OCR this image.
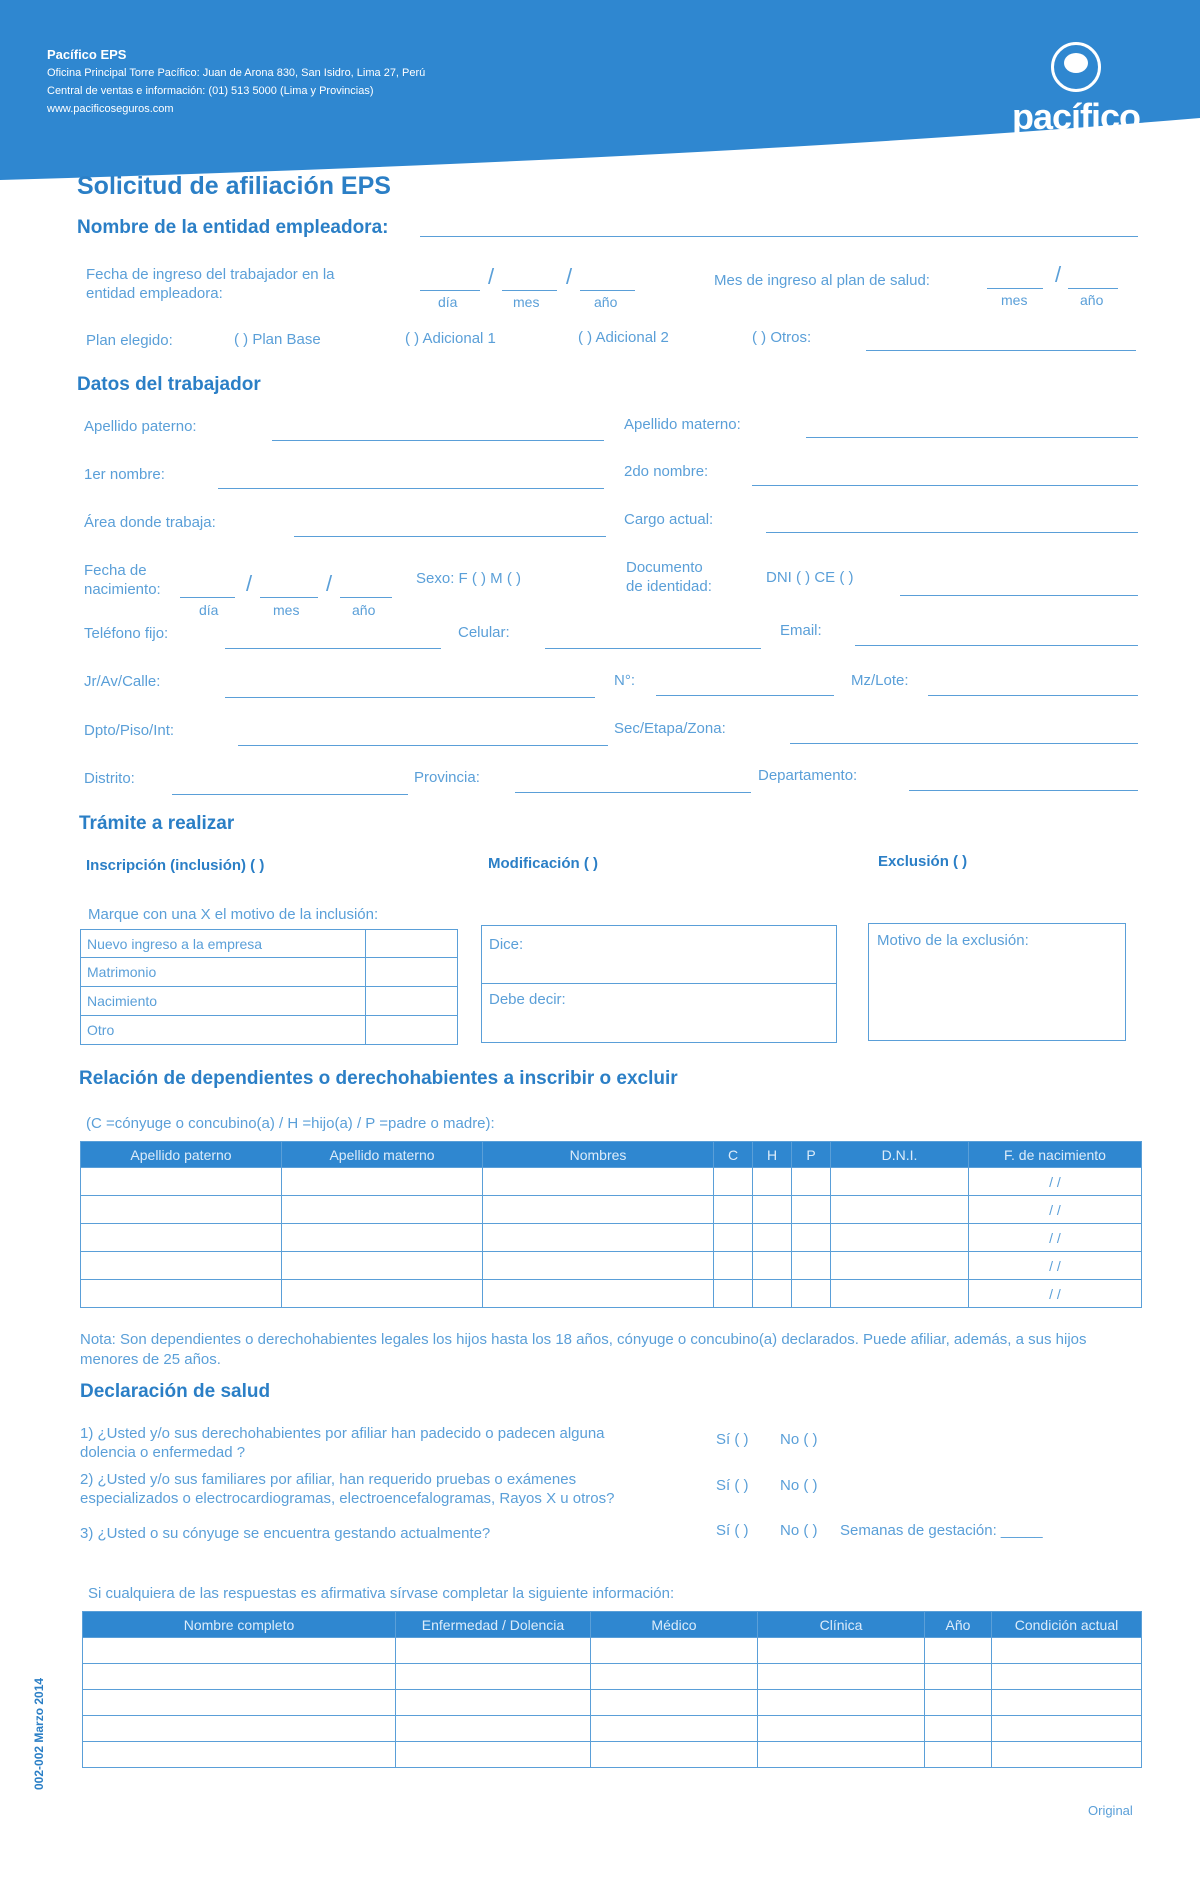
Pacífico EPS
Oficina Principal Torre Pacífico: Juan de Arona 830, San Isidro, Lima 27, Perú
Central de ventas e información: (01) 513 5000 (Lima y Provincias)
www.pacificoseguros.com	pacífico
Solicitud de afiliación EPS
Nombre de la entidad empleadora:
Fecha de ingreso del trabajador en la
entidad empleadora:
/	/
día	mes	año
Mes de ingreso al plan de salud:	/
mes	año
Plan elegido:	( ) Plan Base	( ) Adicional 1	( ) Adicional 2	( ) Otros:
Datos del trabajador
Apellido paterno:	Apellido materno:
1er nombre:	2do nombre:
Área donde trabaja:	Cargo actual:
Fecha de
nacimiento:	/	/
día	mes	año
Sexo: F ( ) M ( )
Documento
de identidad:
DNI ( ) CE ( )
Teléfono fijo:	Celular:	Email:
Jr/Av/Calle:	N°:	Mz/Lote:
Dpto/Piso/Int:	Sec/Etapa/Zona:
Distrito:	Provincia:	Departamento:
Trámite a realizar
Inscripción (inclusión) ( )	Modificación ( )	Exclusión ( )
Marque con una X el motivo de la inclusión:
Nuevo ingreso a la empresa	
Matrimonio	
Nacimiento	
Otro	
Dice:
Debe decir:
Motivo de la exclusión:
Relación de dependientes o derechohabientes a inscribir o excluir
(C =cónyuge o concubino(a) / H =hijo(a) / P =padre o madre):
Apellido paterno	Apellido materno	Nombres	C	H	P	D.N.I.	F. de nacimiento
							/ /
							/ /
							/ /
							/ /
							/ /
Nota: Son dependientes o derechohabientes legales los hijos hasta los 18 años, cónyuge o concubino(a) declarados. Puede afiliar, además, a sus hijos menores de 25 años.
Declaración de salud
1) ¿Usted y/o sus derechohabientes por afiliar han padecido o padecen alguna
dolencia o enfermedad ?
Sí ( ) No ( )
2) ¿Usted y/o sus familiares por afiliar, han requerido pruebas o exámenes
especializados o electrocardiogramas, electroencefalogramas, Rayos X u otros?
Sí ( ) No ( )
3) ¿Usted o su cónyuge se encuentra gestando actualmente?	Sí ( ) No ( ) Semanas de gestación: _____
Si cualquiera de las respuestas es afirmativa sírvase completar la siguiente información:
Nombre completo	Enfermedad / Dolencia	Médico	Clínica	Año	Condición actual

002-002 Marzo 2014
Original
